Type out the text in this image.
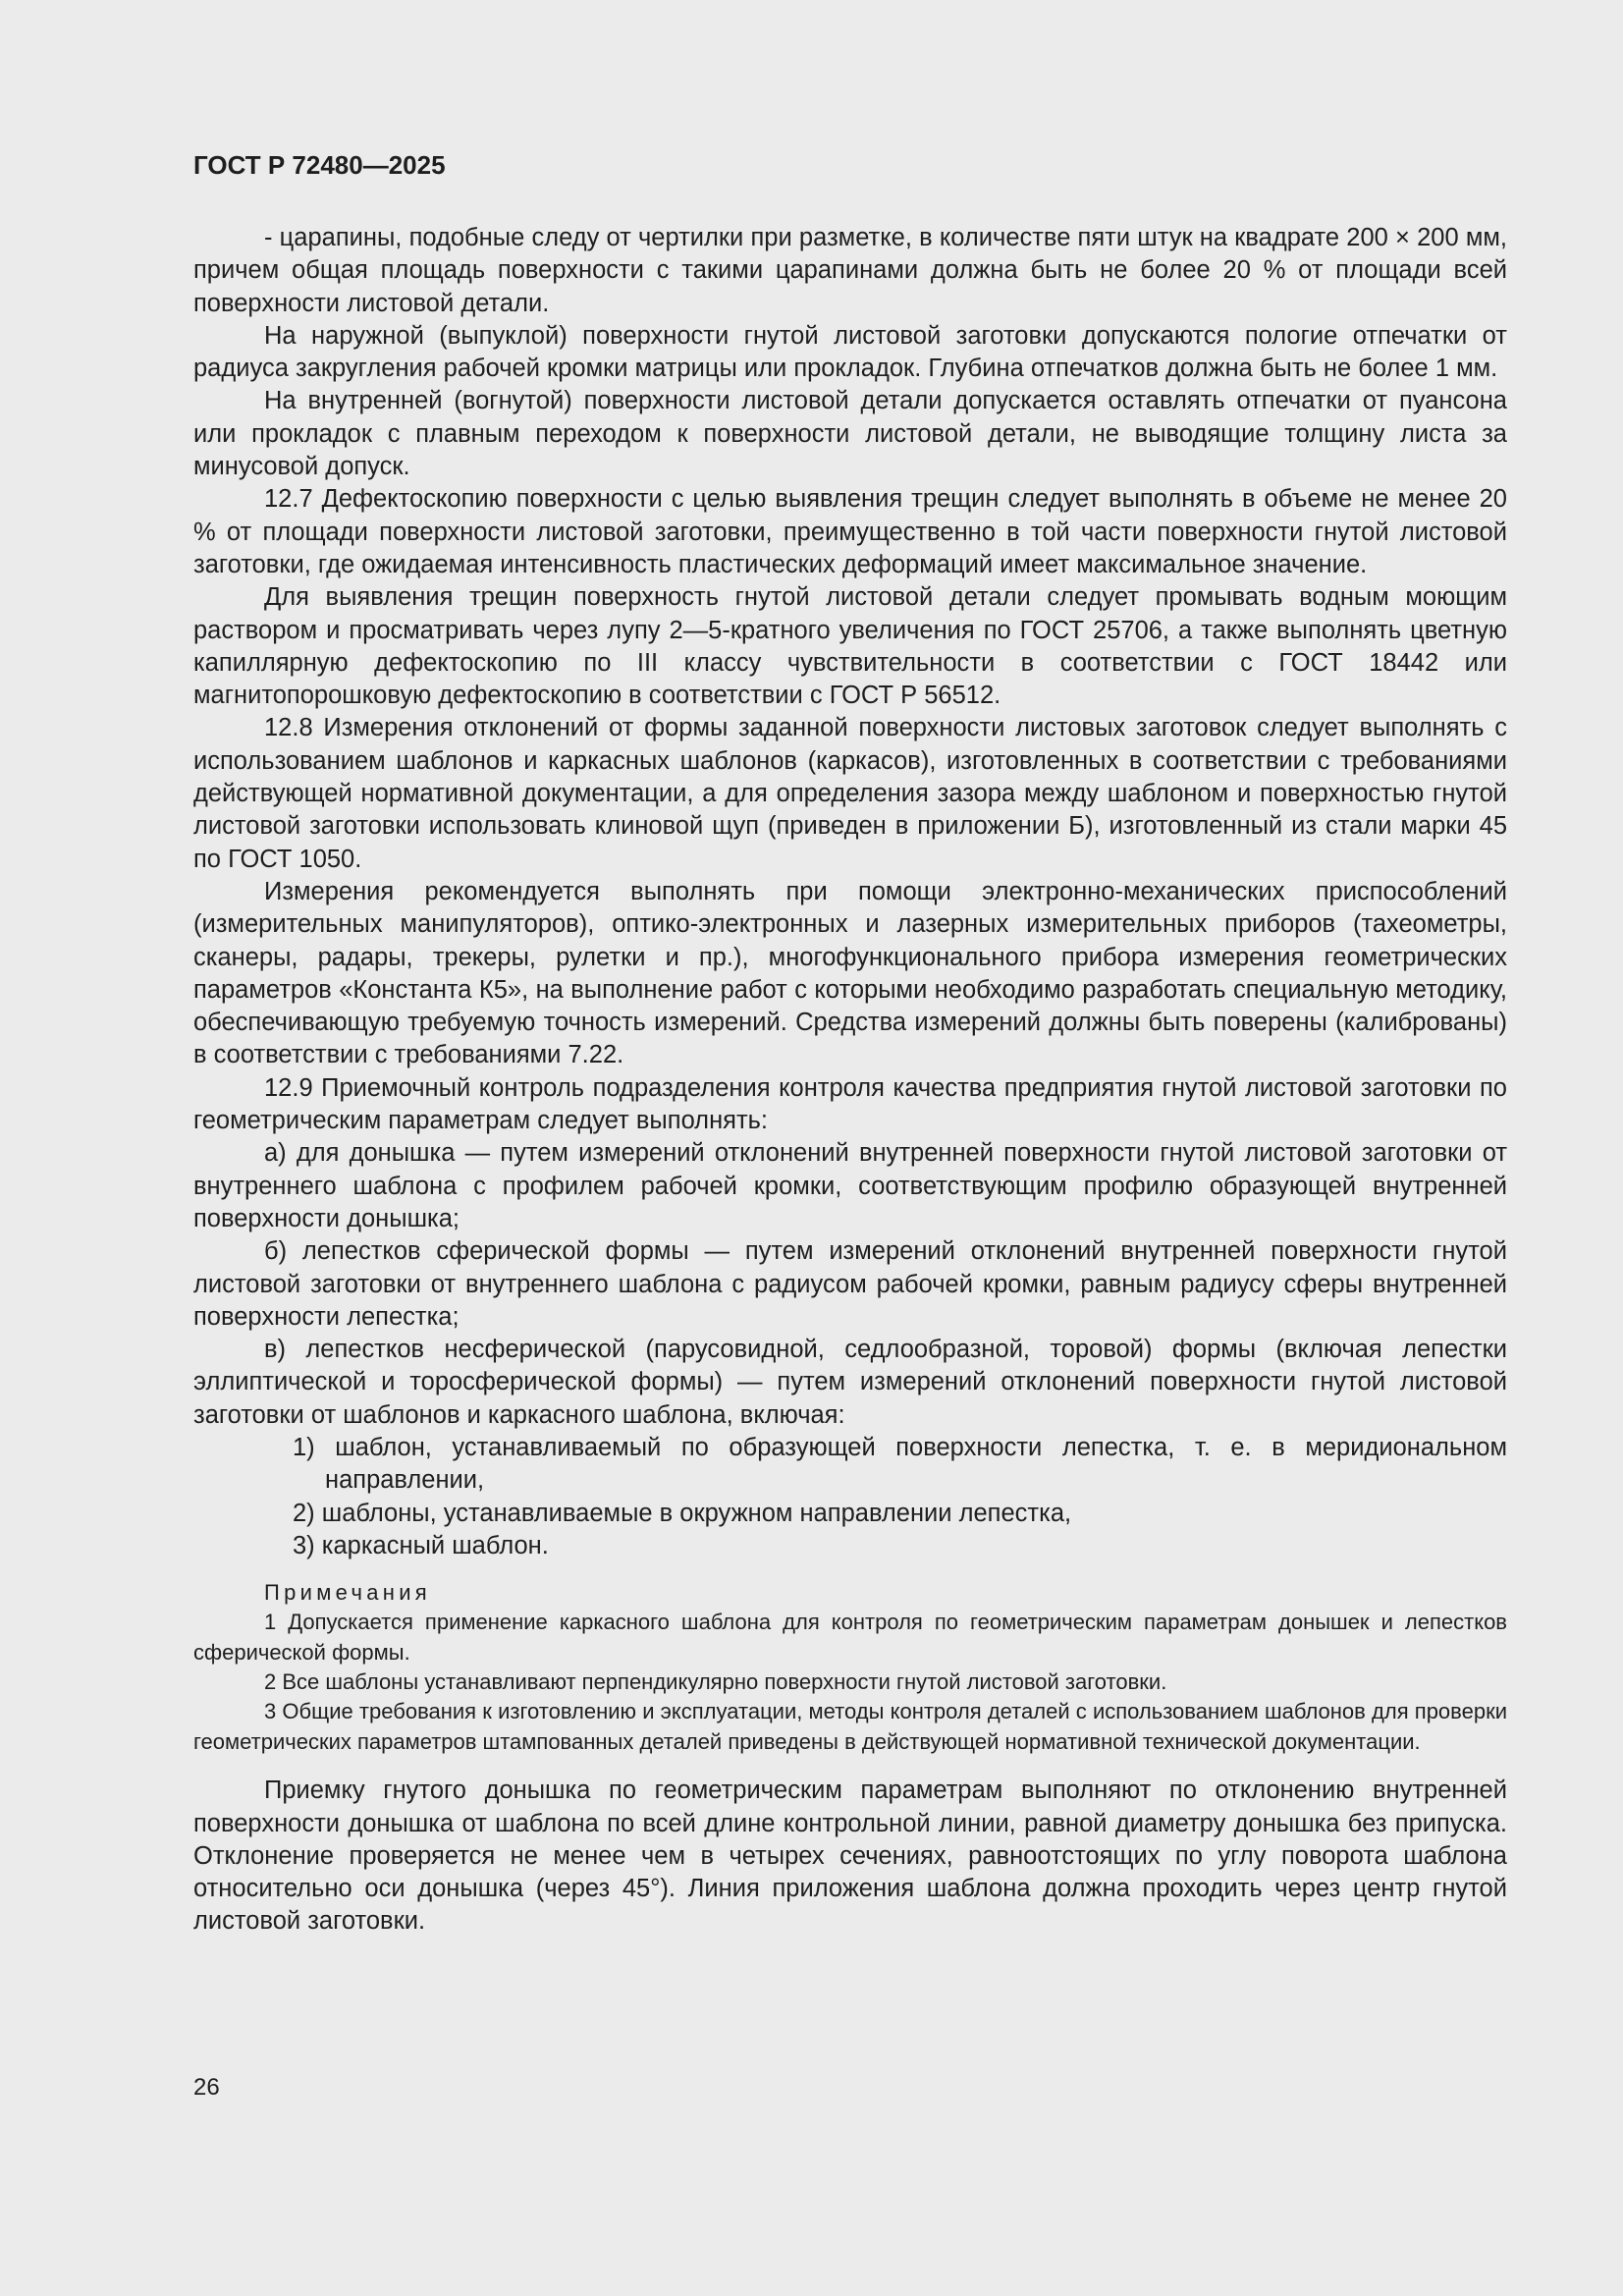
ГОСТ Р 72480—2025

- царапины, подобные следу от чертилки при разметке, в количестве пяти штук на квадрате 200 × 200 мм, причем общая площадь поверхности с такими царапинами должна быть не более 20 % от площади всей поверхности листовой детали.

На наружной (выпуклой) поверхности гнутой листовой заготовки допускаются пологие отпечатки от радиуса закругления рабочей кромки матрицы или прокладок. Глубина отпечатков должна быть не более 1 мм.

На внутренней (вогнутой) поверхности листовой детали допускается оставлять отпечатки от пуансона или прокладок с плавным переходом к поверхности листовой детали, не выводящие толщину листа за минусовой допуск.

12.7 Дефектоскопию поверхности с целью выявления трещин следует выполнять в объеме не менее 20 % от площади поверхности листовой заготовки, преимущественно в той части поверхности гнутой листовой заготовки, где ожидаемая интенсивность пластических деформаций имеет максимальное значение.

Для выявления трещин поверхность гнутой листовой детали следует промывать водным моющим раствором и просматривать через лупу 2—5-кратного увеличения по ГОСТ 25706, а также выполнять цветную капиллярную дефектоскопию по III классу чувствительности в соответствии с ГОСТ 18442 или магнитопорошковую дефектоскопию в соответствии с ГОСТ Р 56512.

12.8 Измерения отклонений от формы заданной поверхности листовых заготовок следует выполнять с использованием шаблонов и каркасных шаблонов (каркасов), изготовленных в соответствии с требованиями действующей нормативной документации, а для определения зазора между шаблоном и поверхностью гнутой листовой заготовки использовать клиновой щуп (приведен в приложении Б), изготовленный из стали марки 45 по ГОСТ 1050.

Измерения рекомендуется выполнять при помощи электронно-механических приспособлений (измерительных манипуляторов), оптико-электронных и лазерных измерительных приборов (тахеометры, сканеры, радары, трекеры, рулетки и пр.), многофункционального прибора измерения геометрических параметров «Константа К5», на выполнение работ с которыми необходимо разработать специальную методику, обеспечивающую требуемую точность измерений. Средства измерений должны быть поверены (калиброваны) в соответствии с требованиями 7.22.

12.9 Приемочный контроль подразделения контроля качества предприятия гнутой листовой заготовки по геометрическим параметрам следует выполнять:

а) для донышка — путем измерений отклонений внутренней поверхности гнутой листовой заготовки от внутреннего шаблона с профилем рабочей кромки, соответствующим профилю образующей внутренней поверхности донышка;

б) лепестков сферической формы — путем измерений отклонений внутренней поверхности гнутой листовой заготовки от внутреннего шаблона с радиусом рабочей кромки, равным радиусу сферы внутренней поверхности лепестка;

в) лепестков несферической (парусовидной, седлообразной, торовой) формы (включая лепестки эллиптической и торосферической формы) — путем измерений отклонений поверхности гнутой листовой заготовки от шаблонов и каркасного шаблона, включая:

1) шаблон, устанавливаемый по образующей поверхности лепестка, т. е. в меридиональном направлении,
2) шаблоны, устанавливаемые в окружном направлении лепестка,
3) каркасный шаблон.
Примечания

1 Допускается применение каркасного шаблона для контроля по геометрическим параметрам донышек и лепестков сферической формы.

2 Все шаблоны устанавливают перпендикулярно поверхности гнутой листовой заготовки.

3 Общие требования к изготовлению и эксплуатации, методы контроля деталей с использованием шаблонов для проверки геометрических параметров штампованных деталей приведены в действующей нормативной технической документации.

Приемку гнутого донышка по геометрическим параметрам выполняют по отклонению внутренней поверхности донышка от шаблона по всей длине контрольной линии, равной диаметру донышка без припуска. Отклонение проверяется не менее чем в четырех сечениях, равноотстоящих по углу поворота шаблона относительно оси донышка (через 45°). Линия приложения шаблона должна проходить через центр гнутой листовой заготовки.

26
